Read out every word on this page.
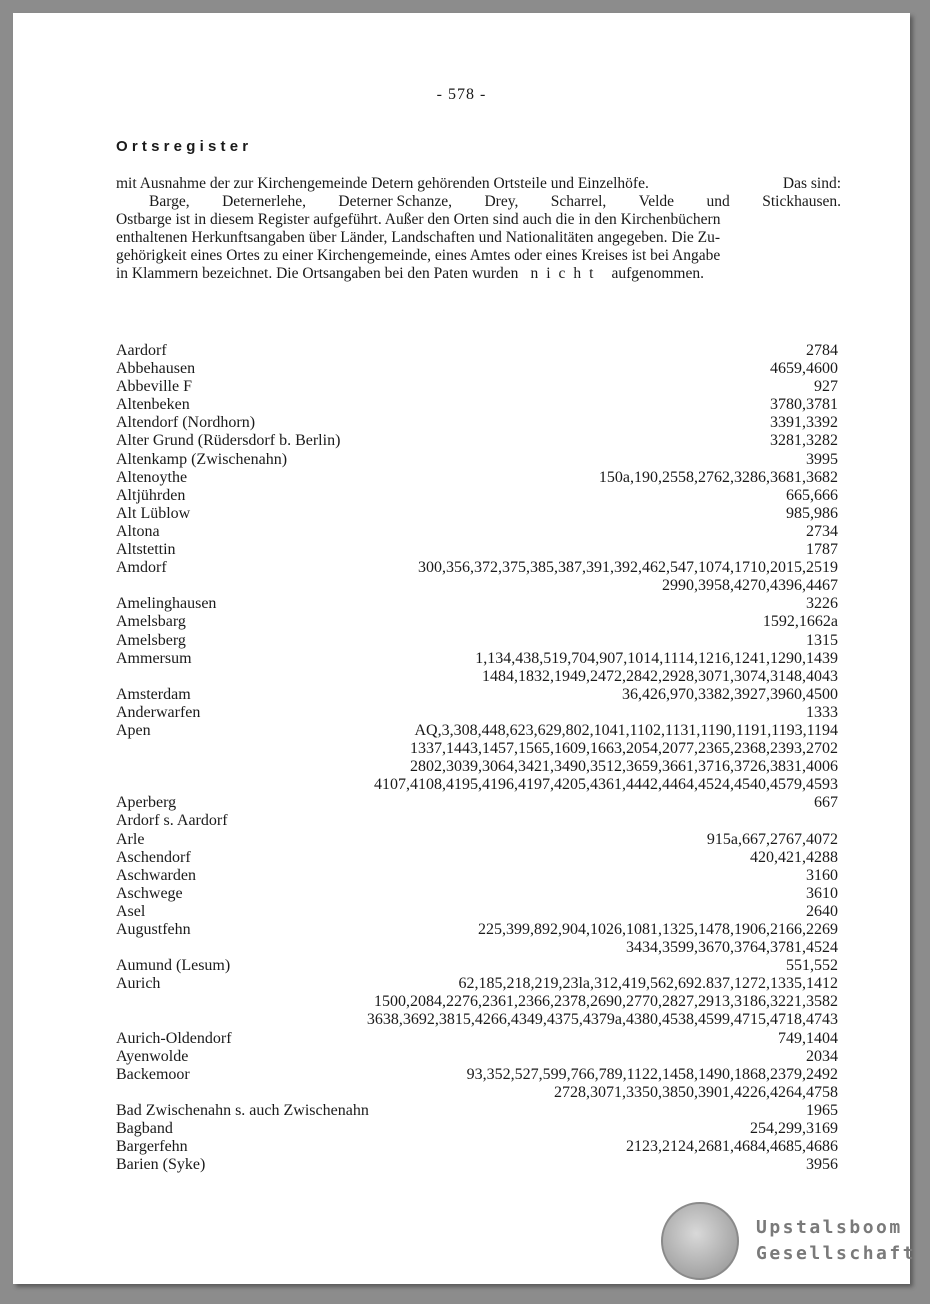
- 578 -
Ortsregister
mit Ausnahme der zur Kirchengemeinde Detern gehörenden Ortsteile und Einzelhöfe.	Das sind:
Barge, Deternerlehe, Deterner Schanze, Drey, Scharrel, Velde und Stickhausen.
Ostbarge ist in diesem Register aufgeführt. Außer den Orten sind auch die in den Kirchenbüchern
enthaltenen Herkunftsangaben über Länder, Landschaften und Nationalitäten angegeben. Die Zu-
gehörigkeit eines Ortes zu einer Kirchengemeinde, eines Amtes oder eines Kreises ist bei Angabe
in Klammern bezeichnet. Die Ortsangaben bei den Paten wurden nicht aufgenommen.
Aardorf	2784
Abbehausen	4659,4600
Abbeville F	927
Altenbeken	3780,3781
Altendorf (Nordhorn)	3391,3392
Alter Grund (Rüdersdorf b. Berlin)	3281,3282
Altenkamp (Zwischenahn)	3995
Altenoythe	150a,190,2558,2762,3286,3681,3682
Altjührden	665,666
Alt Lüblow	985,986
Altona	2734
Altstettin	1787
Amdorf	300,356,372,375,385,387,391,392,462,547,1074,1710,2015,2519
2990,3958,4270,4396,4467
Amelinghausen	3226
Amelsbarg	1592,1662a
Amelsberg	1315
Ammersum	1,134,438,519,704,907,1014,1114,1216,1241,1290,1439
1484,1832,1949,2472,2842,2928,3071,3074,3148,4043
Amsterdam	36,426,970,3382,3927,3960,4500
Anderwarfen	1333
Apen	AQ,3,308,448,623,629,802,1041,1102,1131,1190,1191,1193,1194
1337,1443,1457,1565,1609,1663,2054,2077,2365,2368,2393,2702
2802,3039,3064,3421,3490,3512,3659,3661,3716,3726,3831,4006
4107,4108,4195,4196,4197,4205,4361,4442,4464,4524,4540,4579,4593
Aperberg	667
Ardorf s. Aardorf
Arle	915a,667,2767,4072
Aschendorf	420,421,4288
Aschwarden	3160
Aschwege	3610
Asel	2640
Augustfehn	225,399,892,904,1026,1081,1325,1478,1906,2166,2269
3434,3599,3670,3764,3781,4524
Aumund (Lesum)	551,552
Aurich	62,185,218,219,23la,312,419,562,692.837,1272,1335,1412
1500,2084,2276,2361,2366,2378,2690,2770,2827,2913,3186,3221,3582
3638,3692,3815,4266,4349,4375,4379a,4380,4538,4599,4715,4718,4743
Aurich-Oldendorf	749,1404
Ayenwolde	2034
Backemoor	93,352,527,599,766,789,1122,1458,1490,1868,2379,2492
2728,3071,3350,3850,3901,4226,4264,4758
Bad Zwischenahn s. auch Zwischenahn	1965
Bagband	254,299,3169
Bargerfehn	2123,2124,2681,4684,4685,4686
Barien (Syke)	3956
Upstalsboom
Gesellschaft
